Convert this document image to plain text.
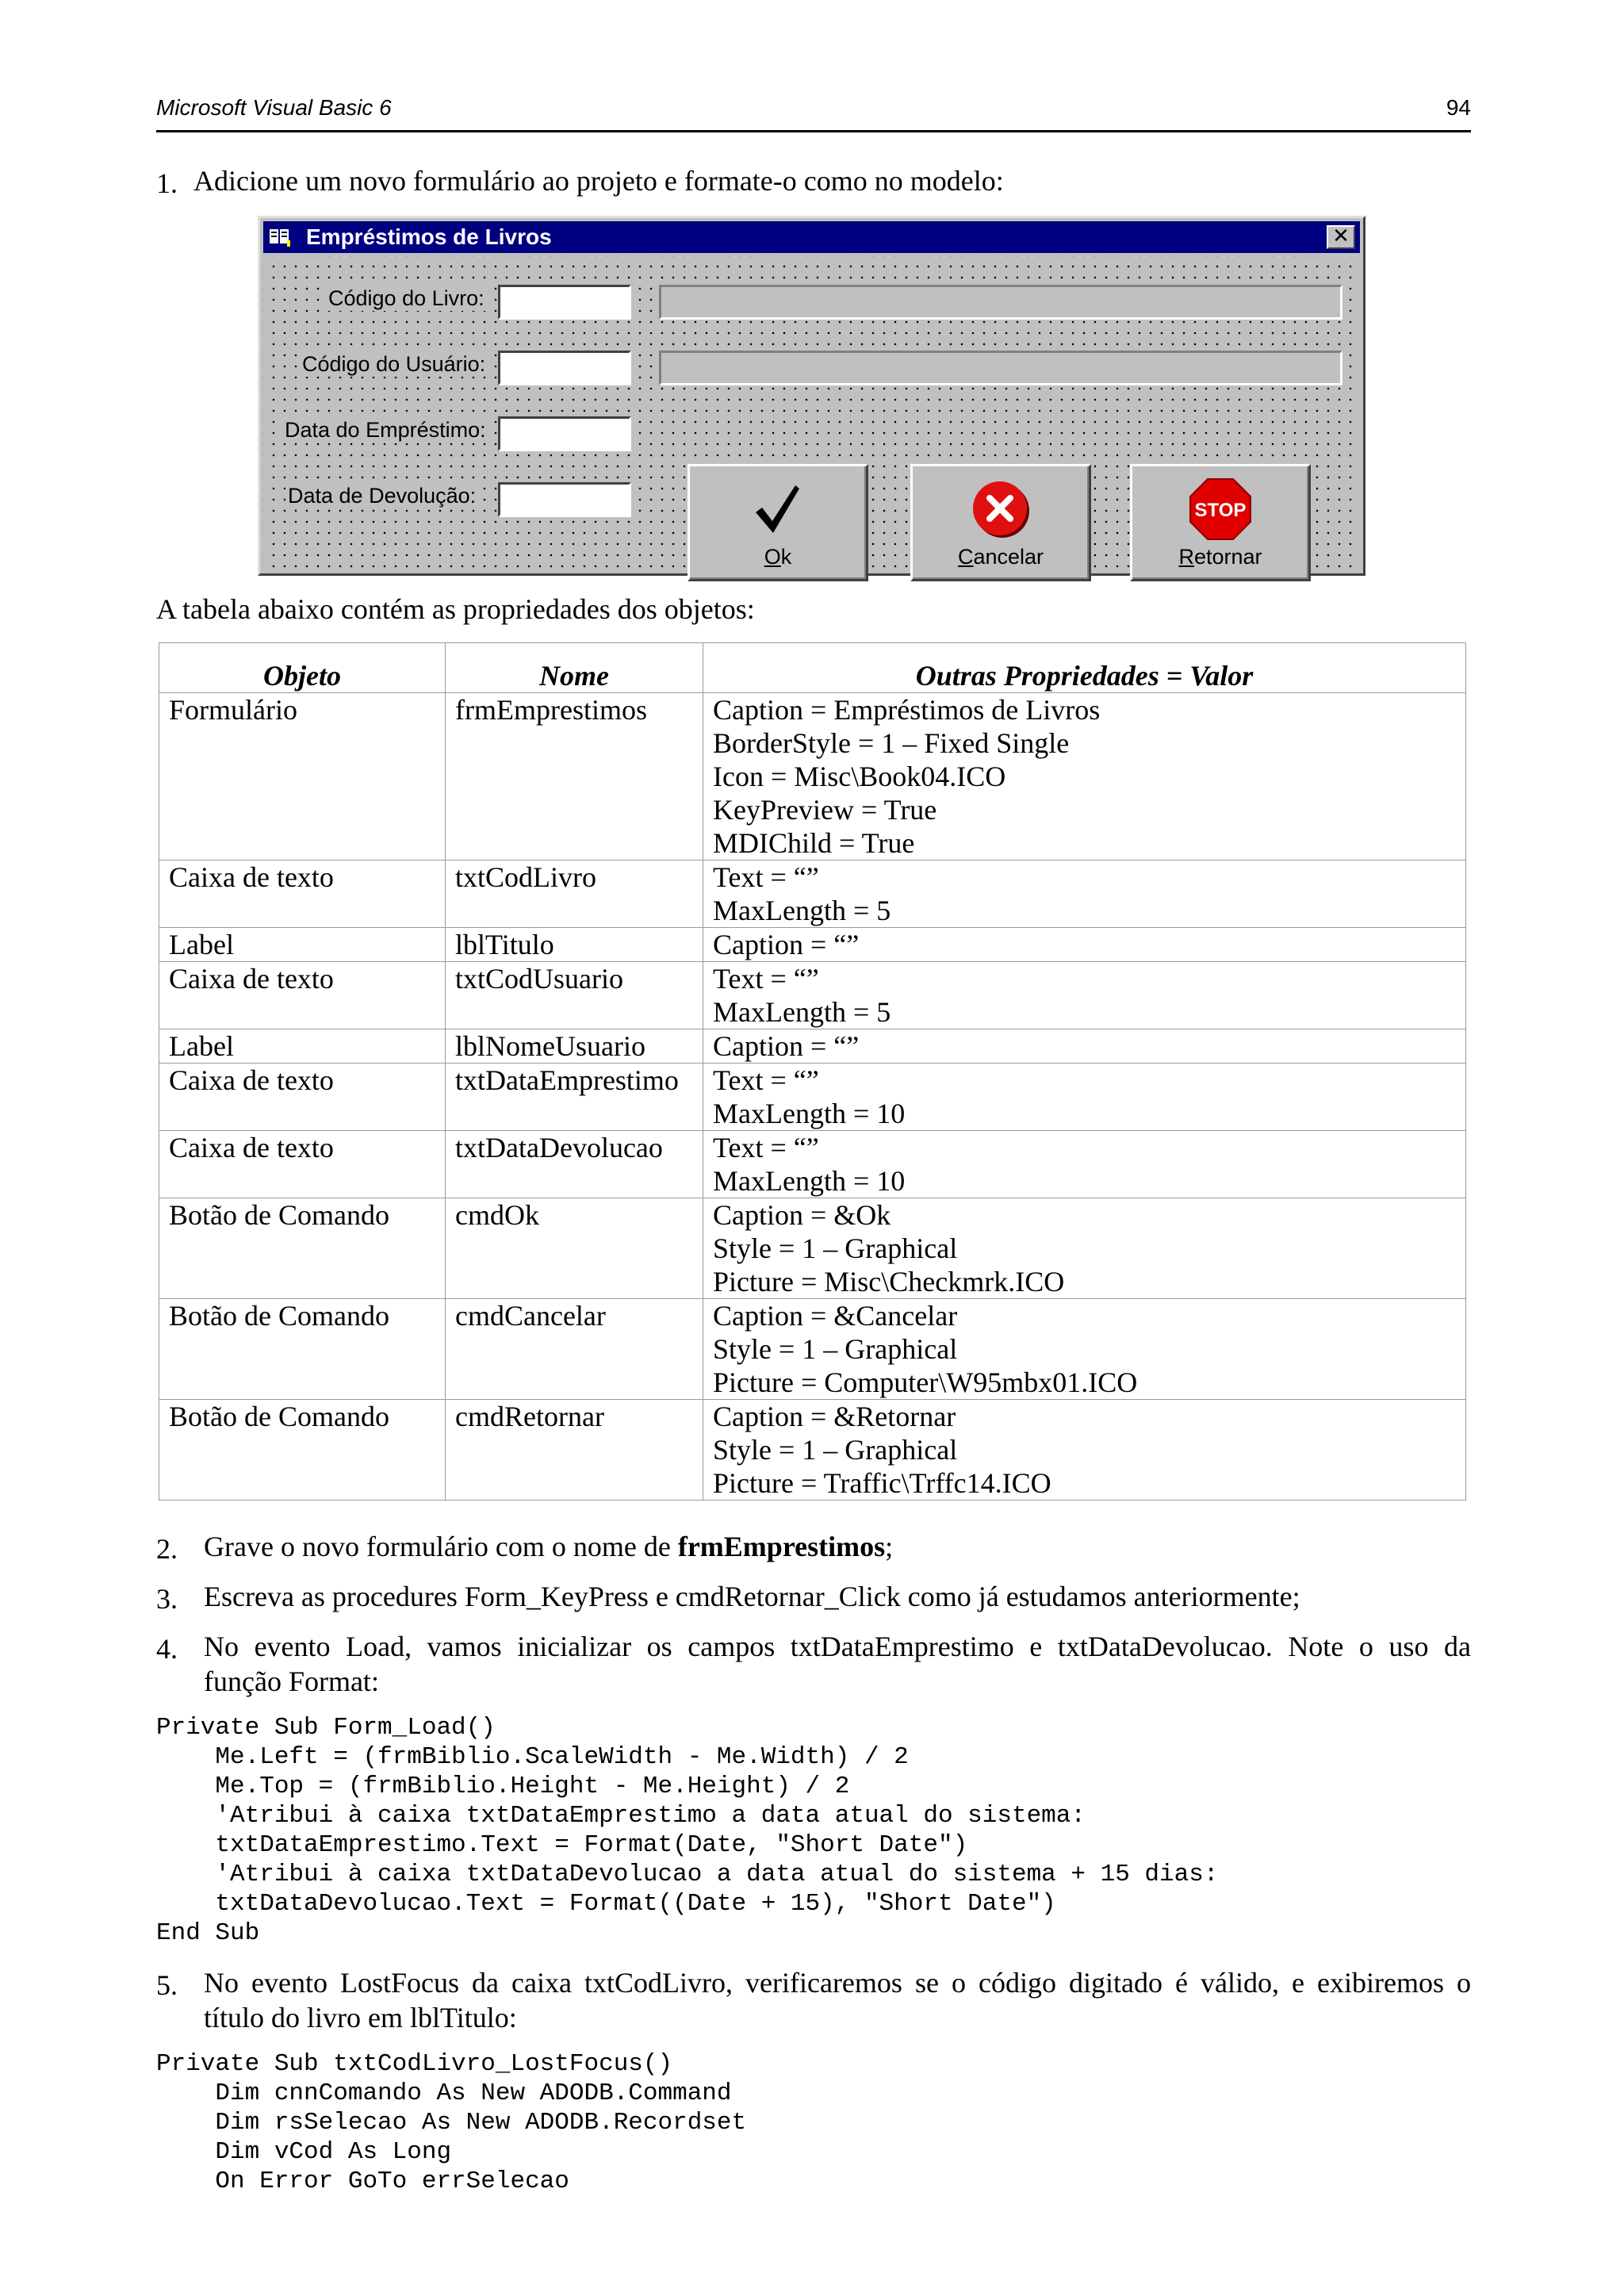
Microsoft Visual Basic 6	94
1. Adicione um novo formulário ao projeto e formate-o como no modelo:
Empréstimos de Livros	✕
Código do Livro:
Código do Usuário:
Data do Empréstimo:
Data de Devolução:
Ok	Cancelar
STOP
Retornar
A tabela abaixo contém as propriedades dos objetos:
Objeto	Nome	Outras Propriedades = Valor
Formulário	frmEmprestimos	Caption = Empréstimos de Livros
BorderStyle = 1 – Fixed Single
Icon = Misc\Book04.ICO
KeyPreview = True
MDIChild = True

Caixa de texto	txtCodLivro	Text = “”
MaxLength = 5

Label	lblTitulo	Caption = “”

Caixa de texto	txtCodUsuario	Text = “”
MaxLength = 5

Label	lblNomeUsuario	Caption = “”

Caixa de texto	txtDataEmprestimo	Text = “”
MaxLength = 10

Caixa de texto	txtDataDevolucao	Text = “”
MaxLength = 10

Botão de Comando	cmdOk	Caption = &Ok
Style = 1 – Graphical
Picture = Misc\Checkmrk.ICO

Botão de Comando	cmdCancelar	Caption = &Cancelar
Style = 1 – Graphical
Picture = Computer\W95mbx01.ICO

Botão de Comando	cmdRetornar	Caption = &Retornar
Style = 1 – Graphical
Picture = Traffic\Trffc14.ICO
2. Grave o novo formulário com o nome de frmEmprestimos;
3. Escreva as procedures Form_KeyPress e cmdRetornar_Click como já estudamos anteriormente;
4. No evento Load, vamos inicializar os campos txtDataEmprestimo e txtDataDevolucao. Note o uso da
função Format:
Private Sub Form_Load()
Me.Left = (frmBiblio.ScaleWidth - Me.Width) / 2
Me.Top = (frmBiblio.Height - Me.Height) / 2
'Atribui à caixa txtDataEmprestimo a data atual do sistema:
txtDataEmprestimo.Text = Format(Date, "Short Date")
'Atribui à caixa txtDataDevolucao a data atual do sistema + 15 dias:
txtDataDevolucao.Text = Format((Date + 15), "Short Date")
End Sub
5. No evento LostFocus da caixa txtCodLivro, verificaremos se o código digitado é válido, e exibiremos o
título do livro em lblTitulo:
Private Sub txtCodLivro_LostFocus()
Dim cnnComando As New ADODB.Command
Dim rsSelecao As New ADODB.Recordset
Dim vCod As Long
On Error GoTo errSelecao
